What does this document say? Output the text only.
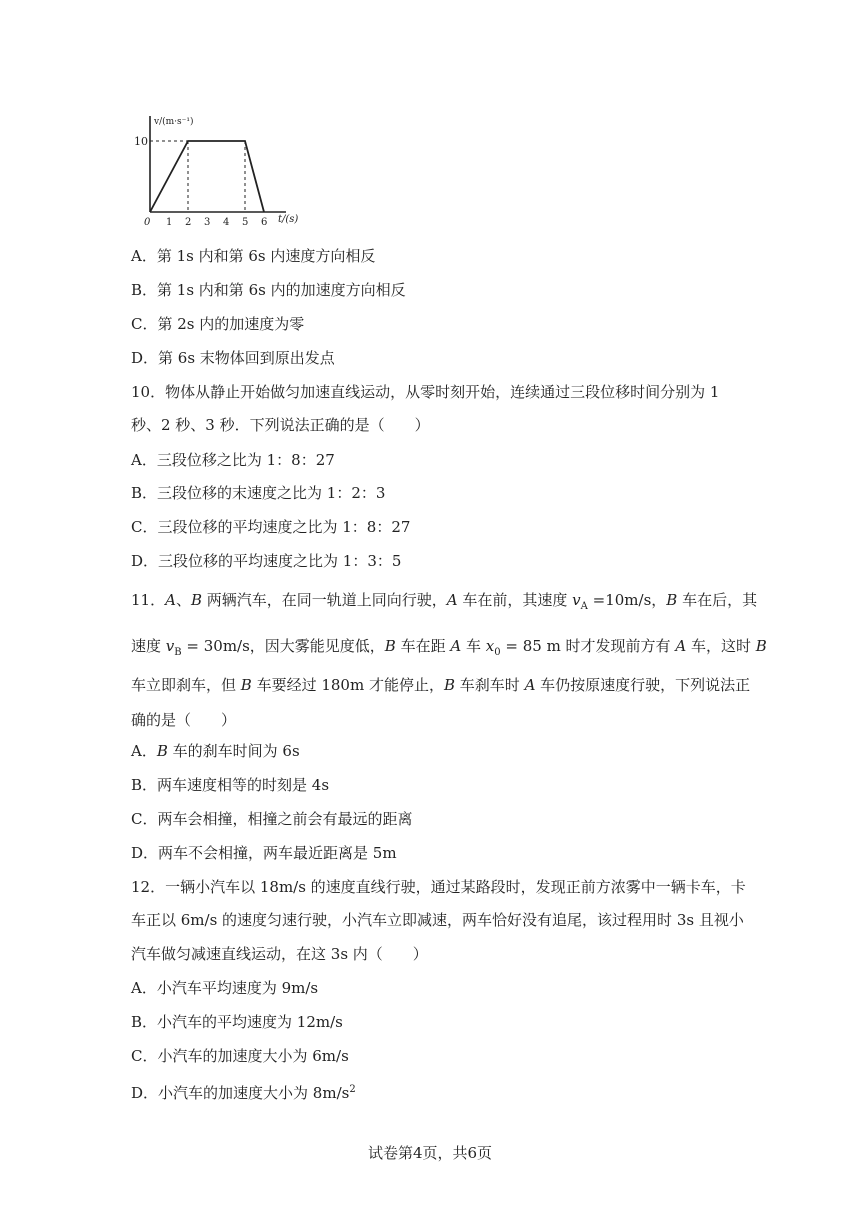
v/(m·s⁻¹)
t/(s)
10
0 1 2 3 4 5 6
A．第 1s 内和第 6s 内速度方向相反
B．第 1s 内和第 6s 内的加速度方向相反
C．第 2s 内的加速度为零
D．第 6s 末物体回到原出发点
10．物体从静止开始做匀加速直线运动，从零时刻开始，连续通过三段位移时间分别为 1
秒、2 秒、3 秒．下列说法正确的是（　　）
A．三段位移之比为 1：8：27
B．三段位移的末速度之比为 1：2：3
C．三段位移的平均速度之比为 1：8：27
D．三段位移的平均速度之比为 1：3：5
11．A、B 两辆汽车，在同一轨道上同向行驶，A 车在前，其速度 $v_A =10m/s$，B 车在后，其
速度 $v_B = 30m/s$，因大雾能见度低，B 车在距 A 车 $x_0 = 85$ m 时才发现前方有 A 车，这时 B
车立即刹车，但 B 车要经过 180m 才能停止，B 车刹车时 A 车仍按原速度行驶，下列说法正
确的是（　　）
A．B 车的刹车时间为 6s
B．两车速度相等的时刻是 4s
C．两车会相撞，相撞之前会有最远的距离
D．两车不会相撞，两车最近距离是 5m
12．一辆小汽车以 18m/s 的速度直线行驶，通过某路段时，发现正前方浓雾中一辆卡车，卡
车正以 6m/s 的速度匀速行驶，小汽车立即减速，两车恰好没有追尾，该过程用时 3s 且视小
汽车做匀减速直线运动，在这 3s 内（　　）
A．小汽车平均速度为 9m/s
B．小汽车的平均速度为 12m/s
C．小汽车的加速度大小为 6m/s
D．小汽车的加速度大小为 $8m/s^2$
试卷第4页，共6页
